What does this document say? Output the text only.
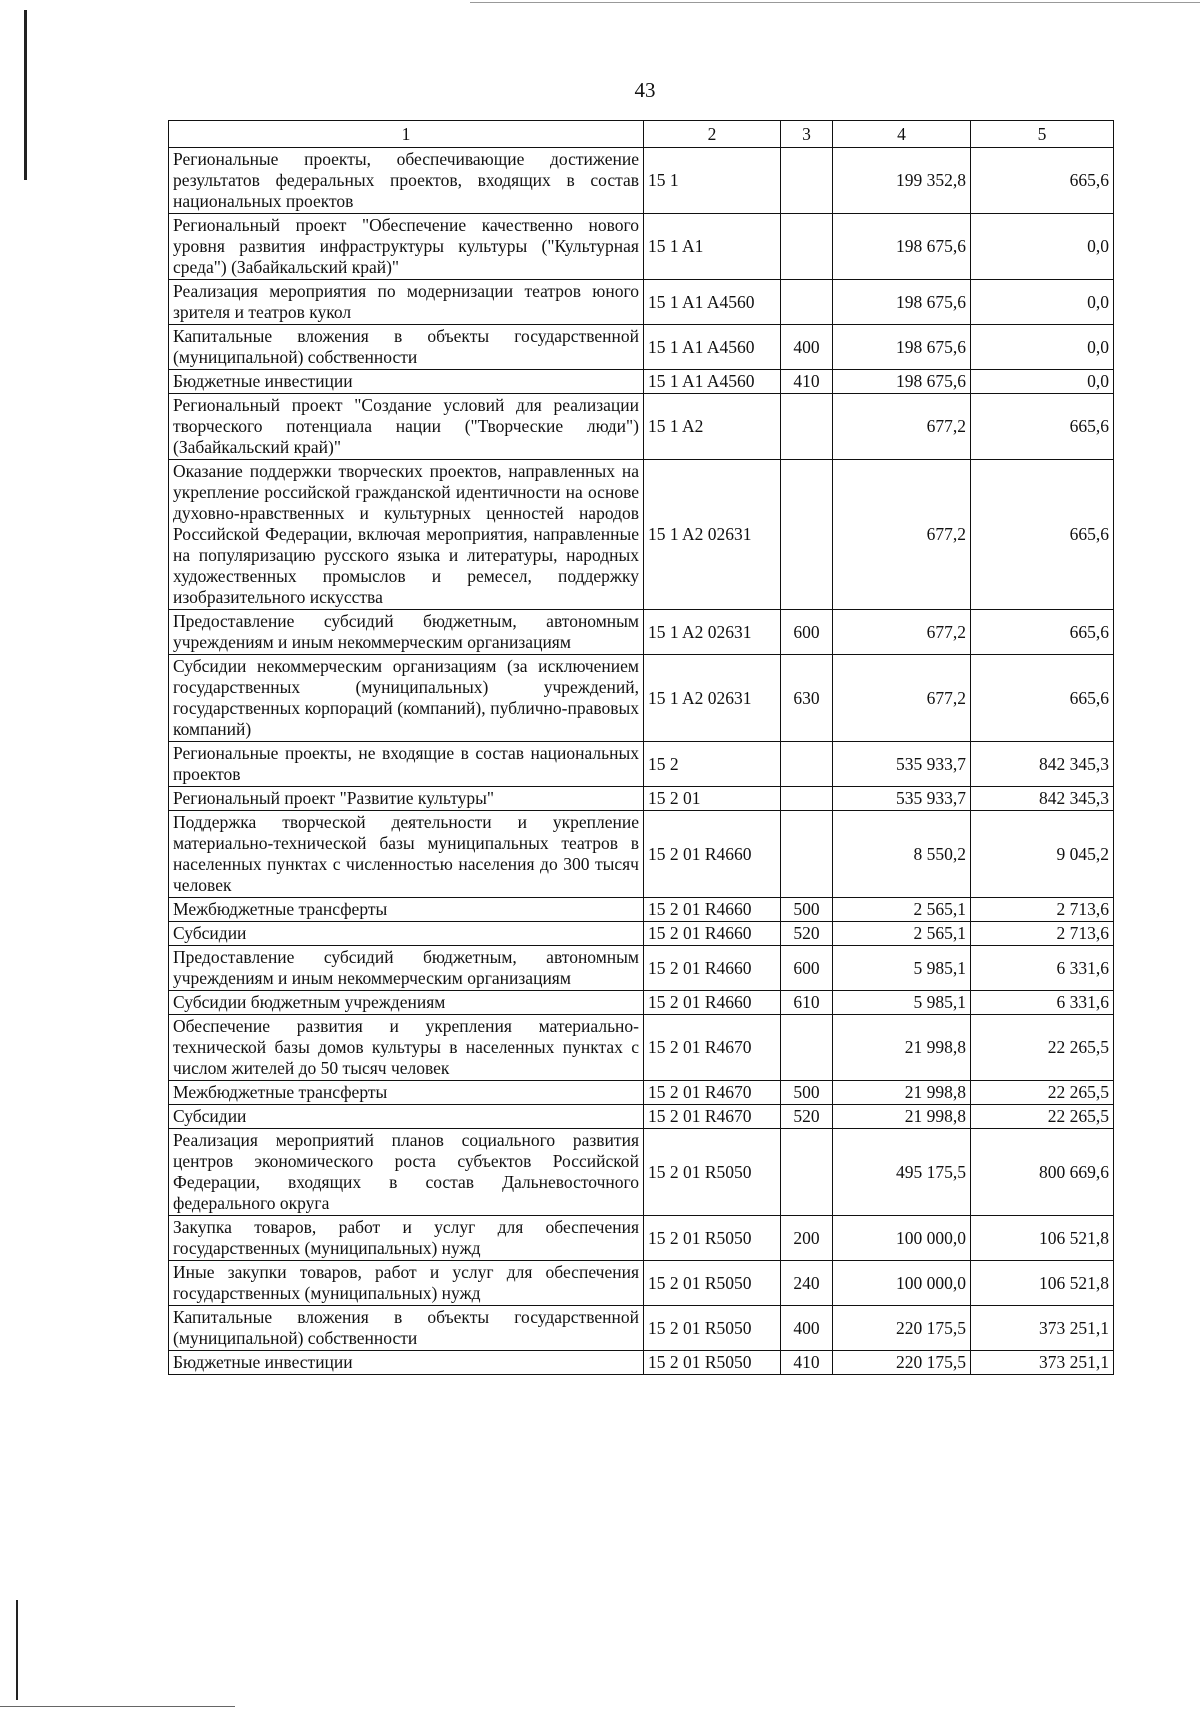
43
1	2	3	4	5
Региональные проекты, обеспечивающие достижение результатов федеральных проектов, входящих в состав национальных проектов	15 1		199 352,8	665,6
Региональный проект "Обеспечение качественно нового уровня развития инфраструктуры культуры ("Культурная среда") (Забайкальский край)"	15 1 A1		198 675,6	0,0
Реализация мероприятия по модернизации театров юного зрителя и театров кукол	15 1 A1 A4560		198 675,6	0,0
Капитальные вложения в объекты государственной (муниципальной) собственности	15 1 A1 A4560	400	198 675,6	0,0
Бюджетные инвестиции	15 1 A1 A4560	410	198 675,6	0,0
Региональный проект "Создание условий для реализации творческого потенциала нации ("Творческие люди") (Забайкальский край)"	15 1 A2		677,2	665,6
Оказание поддержки творческих проектов, направленных на укрепление российской гражданской идентичности на основе духовно-нравственных и культурных ценностей народов Российской Федерации, включая мероприятия, направленные на популяризацию русского языка и литературы, народных художественных промыслов и ремесел, поддержку изобразительного искусства	15 1 A2 02631		677,2	665,6
Предоставление субсидий бюджетным, автономным учреждениям и иным некоммерческим организациям	15 1 A2 02631	600	677,2	665,6
Субсидии некоммерческим организациям (за исключением государственных (муниципальных) учреждений, государственных корпораций (компаний), публично-правовых компаний)	15 1 A2 02631	630	677,2	665,6
Региональные проекты, не входящие в состав национальных проектов	15 2		535 933,7	842 345,3
Региональный проект "Развитие культуры"	15 2 01		535 933,7	842 345,3
Поддержка творческой деятельности и укрепление материально-технической базы муниципальных театров в населенных пунктах с численностью населения до 300 тысяч человек	15 2 01 R4660		8 550,2	9 045,2
Межбюджетные трансферты	15 2 01 R4660	500	2 565,1	2 713,6
Субсидии	15 2 01 R4660	520	2 565,1	2 713,6
Предоставление субсидий бюджетным, автономным учреждениям и иным некоммерческим организациям	15 2 01 R4660	600	5 985,1	6 331,6
Субсидии бюджетным учреждениям	15 2 01 R4660	610	5 985,1	6 331,6
Обеспечение развития и укрепления материально-технической базы домов культуры в населенных пунктах с числом жителей до 50 тысяч человек	15 2 01 R4670		21 998,8	22 265,5
Межбюджетные трансферты	15 2 01 R4670	500	21 998,8	22 265,5
Субсидии	15 2 01 R4670	520	21 998,8	22 265,5
Реализация мероприятий планов социального развития центров экономического роста субъектов Российской Федерации, входящих в состав Дальневосточного федерального округа	15 2 01 R5050		495 175,5	800 669,6
Закупка товаров, работ и услуг для обеспечения государственных (муниципальных) нужд	15 2 01 R5050	200	100 000,0	106 521,8
Иные закупки товаров, работ и услуг для обеспечения государственных (муниципальных) нужд	15 2 01 R5050	240	100 000,0	106 521,8
Капитальные вложения в объекты государственной (муниципальной) собственности	15 2 01 R5050	400	220 175,5	373 251,1
Бюджетные инвестиции	15 2 01 R5050	410	220 175,5	373 251,1
